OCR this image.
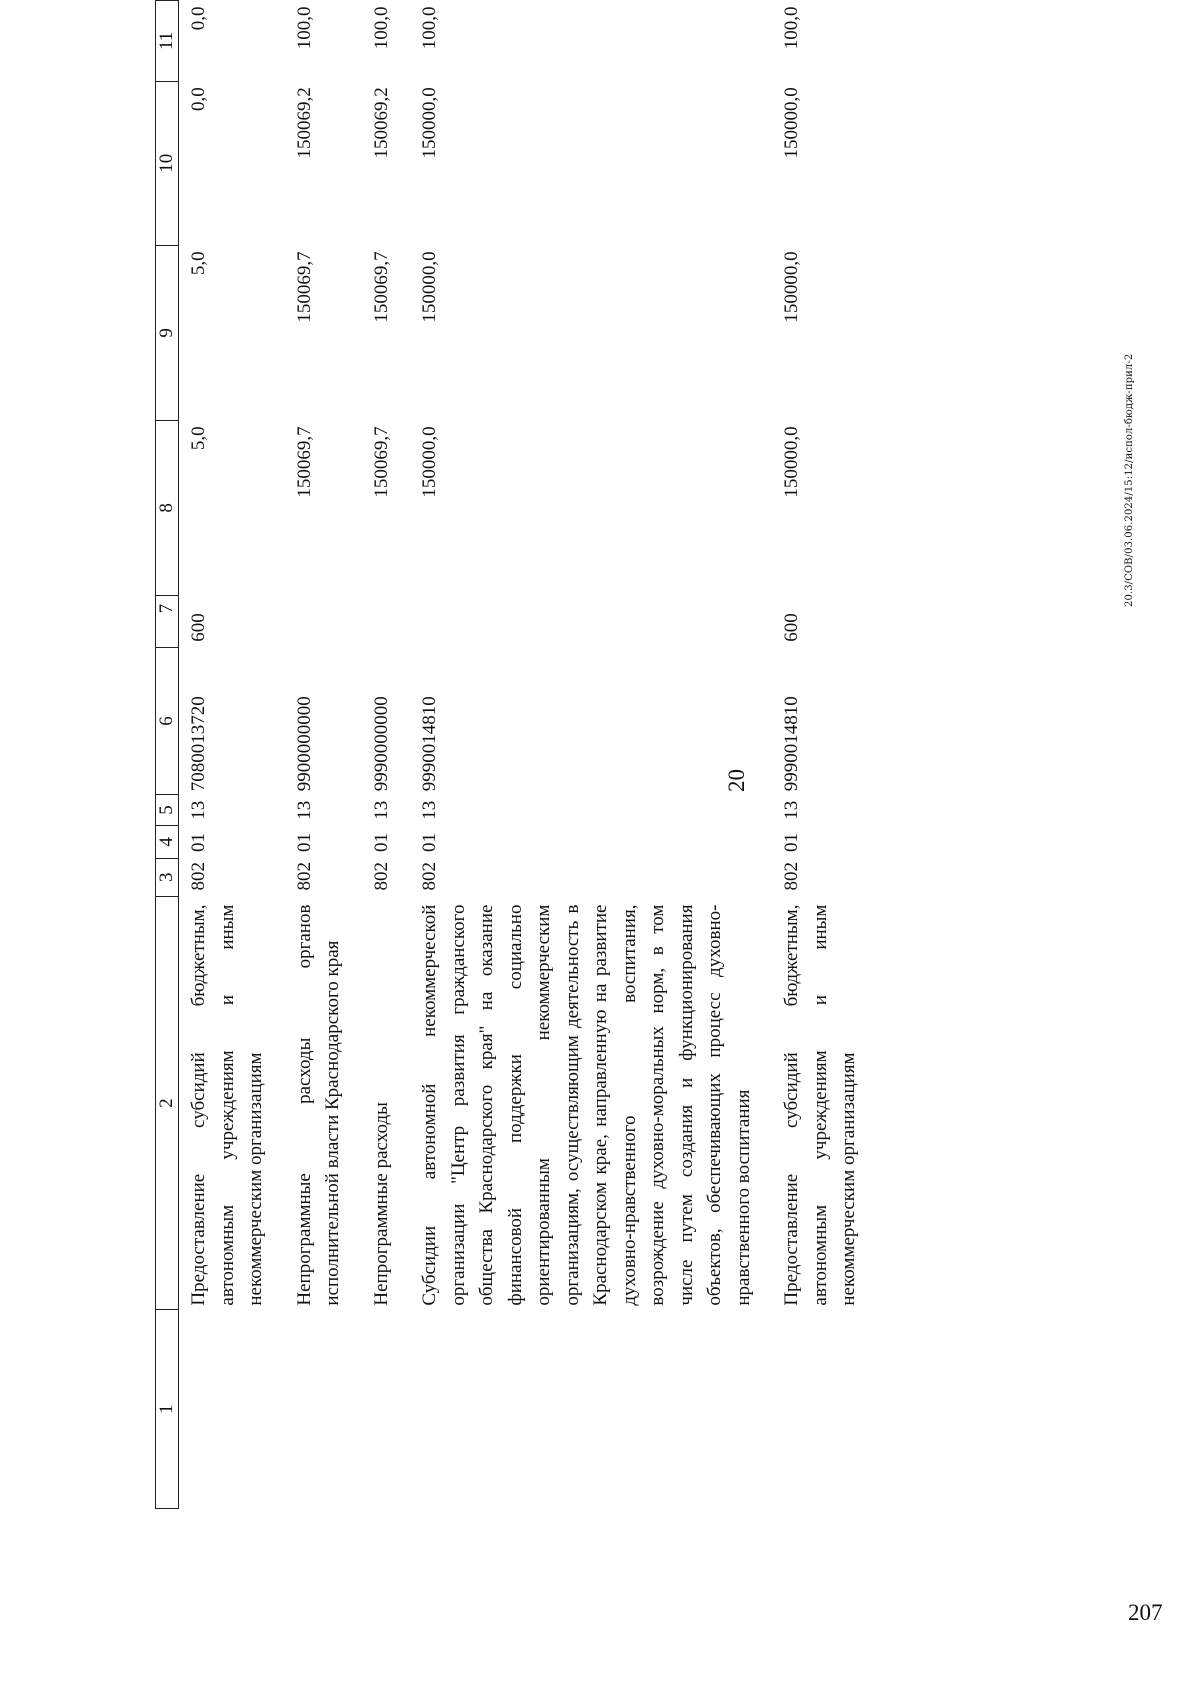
20
1	2	3	4	5	6	7	8	9	10	11
	Предоставление субсидий бюджетным, автономным учреждениям и иным некоммерческим организациям	802	01	13	7080013720	600	5,0	5,0	0,0	0,0
	Непрограммные расходы органов исполнительной власти Краснодарского края	802	01	13	9900000000		150069,7	150069,7	150069,2	100,0
	Непрограммные расходы	802	01	13	9990000000		150069,7	150069,7	150069,2	100,0
	Субсидии автономной некоммерческой организации "Центр развития гражданского общества Краснодарского края" на оказание финансовой поддержки социально ориентированным некоммерческим организациям, осуществляющим деятельность в Краснодарском крае, направленную на развитие духовно-нравственного воспитания, возрождение духовно-моральных норм, в том числе путем создания и функционирования объектов, обеспечивающих процесс духовно-нравственного воспитания	802	01	13	9990014810		150000,0	150000,0	150000,0	100,0
	Предоставление субсидий бюджетным, автономным учреждениям и иным некоммерческим организациям	802	01	13	9990014810	600	150000,0	150000,0	150000,0	100,0
20.3/СОВ/03.06.2024/15:12/испол-бюдж-прил-2
207
